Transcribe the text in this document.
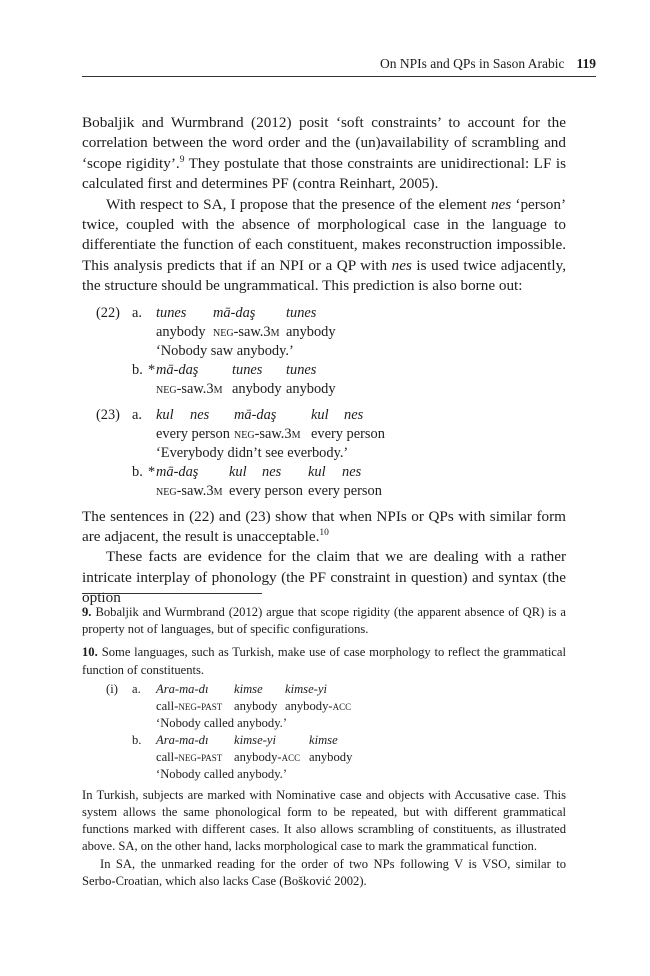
On NPIs and QPs in Sason Arabic 119

Bobaljik and Wurmbrand (2012) posit ‘soft constraints’ to account for the correlation between the word order and the (un)availability of scrambling and ‘scope rigidity’.$^9$ They postulate that those constraints are unidirectional: LF is calculated first and determines PF (contra Reinhart, 2005).

With respect to SA, I propose that the presence of the element nes ‘person’ twice, coupled with the absence of morphological case in the language to differentiate the function of each constituent, makes reconstruction impossible. This analysis predicts that if an NPI or a QP with nes is used twice adjacently, the structure should be ungrammatical. This prediction is also borne out:

(22) a. tunes mā-daş tunes
anybody neg-saw.3m anybody
‘Nobody saw anybody.’
b. * mā-daş tunes tunes
neg-saw.3m anybody anybody
(23) a. kul nes mā-daş kul nes
every person neg-saw.3m every person
‘Everybody didn’t see everbody.’
b. * mā-daş kul nes kul nes
neg-saw.3m every person every person

The sentences in (22) and (23) show that when NPIs or QPs with similar form are adjacent, the result is unacceptable.$^{10}$

These facts are evidence for the claim that we are dealing with a rather intricate interplay of phonology (the PF constraint in question) and syntax (the option

9. Bobaljik and Wurmbrand (2012) argue that scope rigidity (the apparent absence of QR) is a property not of languages, but of specific configurations.

10. Some languages, such as Turkish, make use of case morphology to reflect the grammatical function of constituents.

(i) a. Ara-ma-dı kimse kimse-yi
call-neg-past anybody anybody-acc
‘Nobody called anybody.’
b. Ara-ma-dı kimse-yi	kimse
call-neg-past anybody-acc anybody
‘Nobody called anybody.’

In Turkish, subjects are marked with Nominative case and objects with Accusative case. This system allows the same phonological form to be repeated, but with different grammatical functions marked with different cases. It also allows scrambling of constituents, as illustrated above. SA, on the other hand, lacks morphological case to mark the grammatical function.

In SA, the unmarked reading for the order of two NPs following V is VSO, similar to Serbo-Croatian, which also lacks Case (Bošković 2002).
